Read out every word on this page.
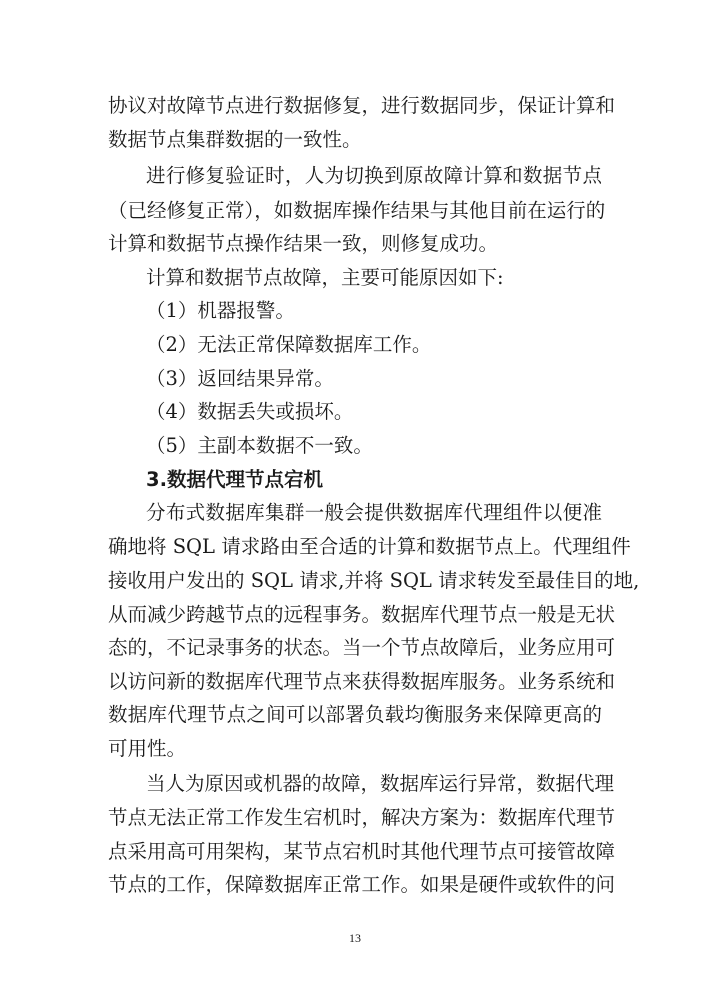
协议对故障节点进行数据修复，进行数据同步，保证计算和
数据节点集群数据的一致性。
进行修复验证时，人为切换到原故障计算和数据节点
（已经修复正常），如数据库操作结果与其他目前在运行的
计算和数据节点操作结果一致，则修复成功。
计算和数据节点故障，主要可能原因如下:
（1）机器报警。
（2）无法正常保障数据库工作。
（3）返回结果异常。
（4）数据丢失或损坏。
（5）主副本数据不一致。
3.数据代理节点宕机
分布式数据库集群一般会提供数据库代理组件以便准
确地将 SQL 请求路由至合适的计算和数据节点上。代理组件
接收用户发出的 SQL 请求,并将 SQL 请求转发至最佳目的地,
从而减少跨越节点的远程事务。数据库代理节点一般是无状
态的，不记录事务的状态。当一个节点故障后，业务应用可
以访问新的数据库代理节点来获得数据库服务。业务系统和
数据库代理节点之间可以部署负载均衡服务来保障更高的
可用性。
当人为原因或机器的故障，数据库运行异常，数据代理
节点无法正常工作发生宕机时，解决方案为：数据库代理节
点采用高可用架构，某节点宕机时其他代理节点可接管故障
节点的工作，保障数据库正常工作。如果是硬件或软件的问
13
